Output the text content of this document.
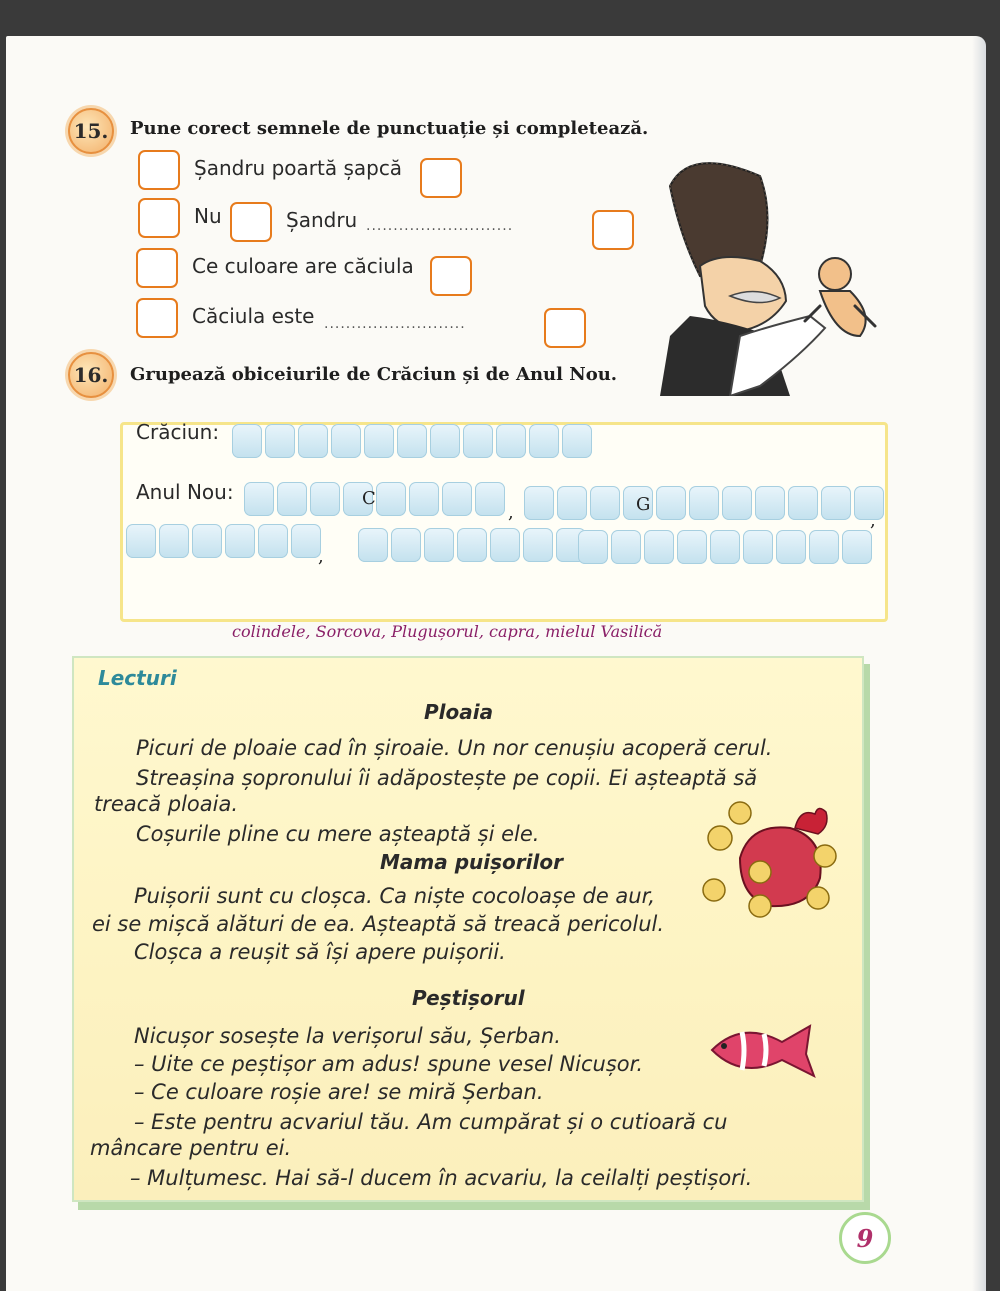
15.	Pune corect semnele de punctuație și completează.
Șandru poartă șapcă
Nu	Șandru ...........................
Ce culoare are căciula
Căciula este ..........................
16.	Grupează obiceiurile de Crăciun și de Anul Nou.
Crăciun:
Anul Nou:	C	G
,	,
,
colindele, Sorcova, Plugușorul, capra, mielul Vasilică
Lecturi
Ploaia
Picuri de ploaie cad în șiroaie. Un nor cenușiu acoperă cerul.
Streașina șopronului îi adăpostește pe copii. Ei așteaptă să
treacă ploaia.
Coșurile pline cu mere așteaptă și ele.
Mama puișorilor
Puișorii sunt cu cloșca. Ca niște cocoloașe de aur,
ei se mișcă alături de ea. Așteaptă să treacă pericolul.
Cloșca a reușit să își apere puișorii.
Peștișorul
Nicușor sosește la verișorul său, Șerban.
– Uite ce peștișor am adus! spune vesel Nicușor.
– Ce culoare roșie are! se miră Șerban.
– Este pentru acvariul tău. Am cumpărat și o cutioară cu
mâncare pentru ei.
– Mulțumesc. Hai să-l ducem în acvariu, la ceilalți peștișori.
9
